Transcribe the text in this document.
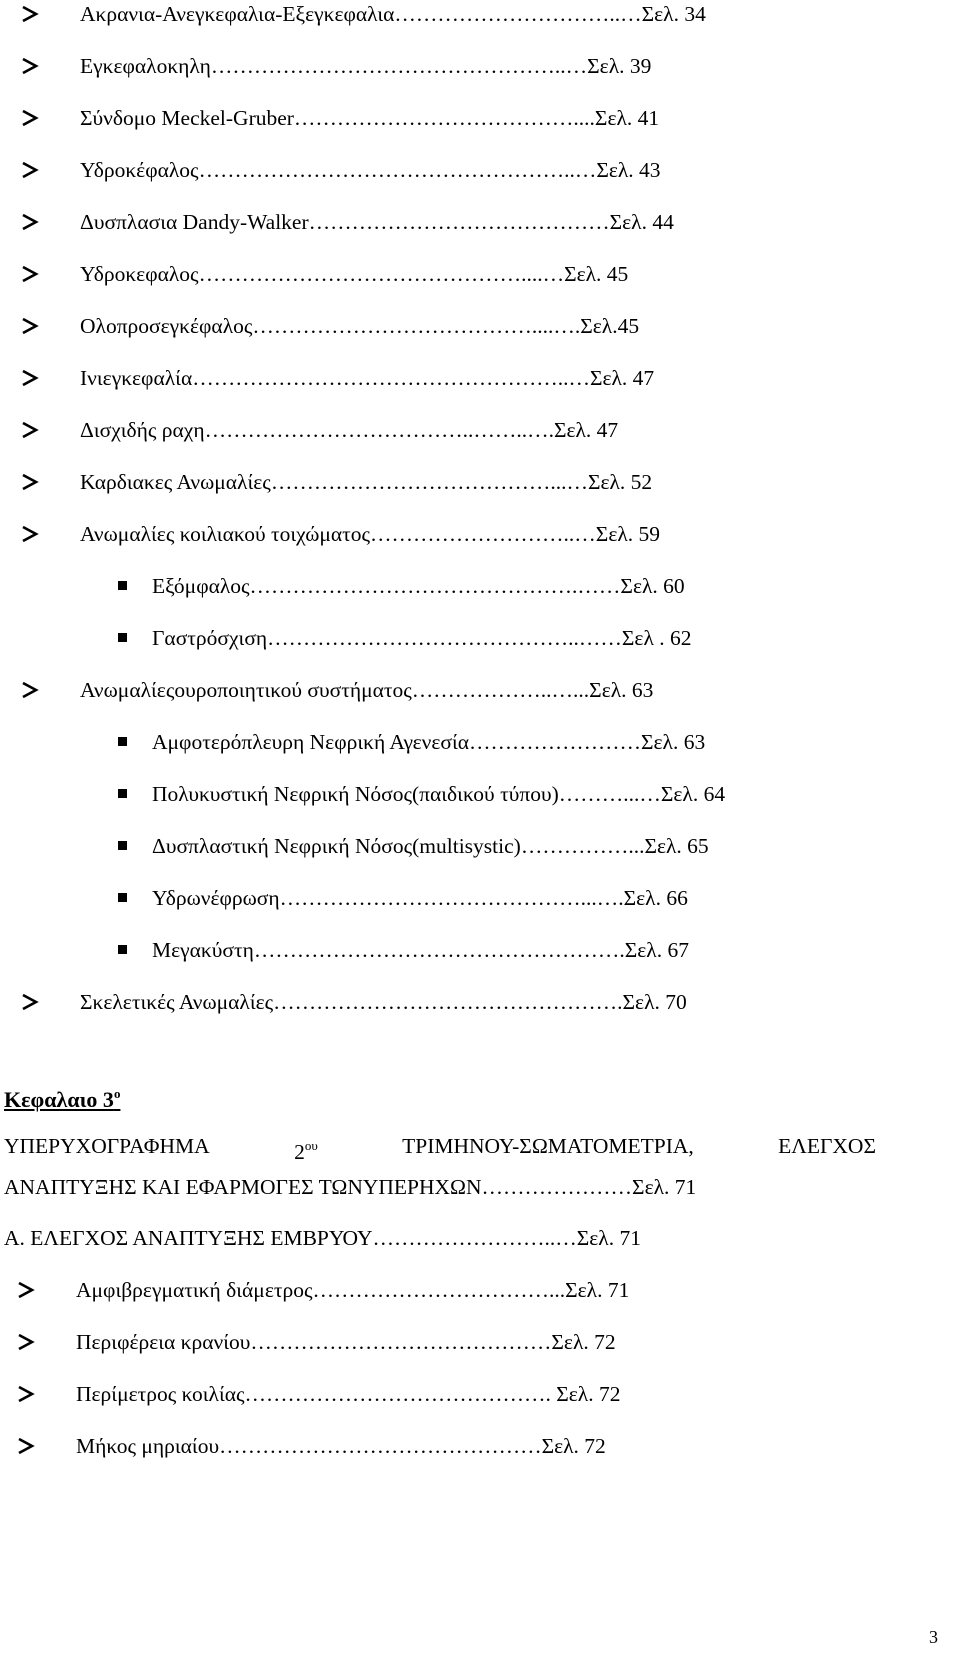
Ακρανια-Ανεγκεφαλια-Εξεγκεφαλια…………………………..…Σελ. 34
Εγκεφαλοκηλη…………………………………………..…Σελ. 39
Σύνδομο Meckel-Gruber…………………………………....Σελ. 41
Υδροκέφαλος……………………………………………..…Σελ. 43
Δυσπλασια Dandy-Walker……………………………………Σελ. 44
Υδροκεφαλος………………………………………....…Σελ. 45
Ολοπροσεγκέφαλος…………………………………....….Σελ.45
Ινιεγκεφαλία……………………………………………..…Σελ. 47
Δισχιδής ραχη………………………………..……..….Σελ. 47
Καρδιακες Ανωμαλίες…………………………………...…Σελ. 52
Ανωμαλίες κοιλιακού τοιχώματος………………………..…Σελ. 59
Εξόμφαλος……………………………………….……Σελ. 60
Γαστρόσχιση……………………………………..……Σελ . 62
Ανωμαλίεςουροποιητικού συστήματος………………..…...Σελ. 63
Αμφοτερόπλευρη Νεφρική Αγενεσία……………………Σελ. 63
Πολυκυστική Νεφρική Νόσος(παιδικού τύπου)………...…Σελ. 64
Δυσπλαστική Νεφρική Νόσος(multisystic)……………...Σελ. 65
Υδρωνέφρωση……………………………………...….Σελ. 66
Μεγακύστη…………………………………………….Σελ. 67
Σκελετικές Ανωμαλίες………………………………………….Σελ. 70
Κεφαλαιο $3^o$
ΥΠΕΡΥΧΟΓΡΑΦΗΜΑ	$2^{o\upsilon}$	ΤΡΙΜΗΝΟΥ-ΣΩΜΑΤΟΜΕΤΡΙΑ,	ΕΛΕΓΧΟΣ
ΑΝΑΠΤΥΞΗΣ ΚΑΙ ΕΦΑΡΜΟΓΕΣ ΤΩΝΥΠΕΡΗΧΩΝ…………………Σελ. 71
Α. ΕΛΕΓΧΟΣ ΑΝΑΠΤΥΞΗΣ ΕΜΒΡΥΟΥ……………………..…Σελ. 71
Αμφιβρεγματική διάμετρος……………………………...Σελ. 71
Περιφέρεια κρανίου……………………………………Σελ. 72
Περίμετρος κοιλίας……………………………………. Σελ. 72
Μήκος μηριαίου………………………………………Σελ. 72
3
